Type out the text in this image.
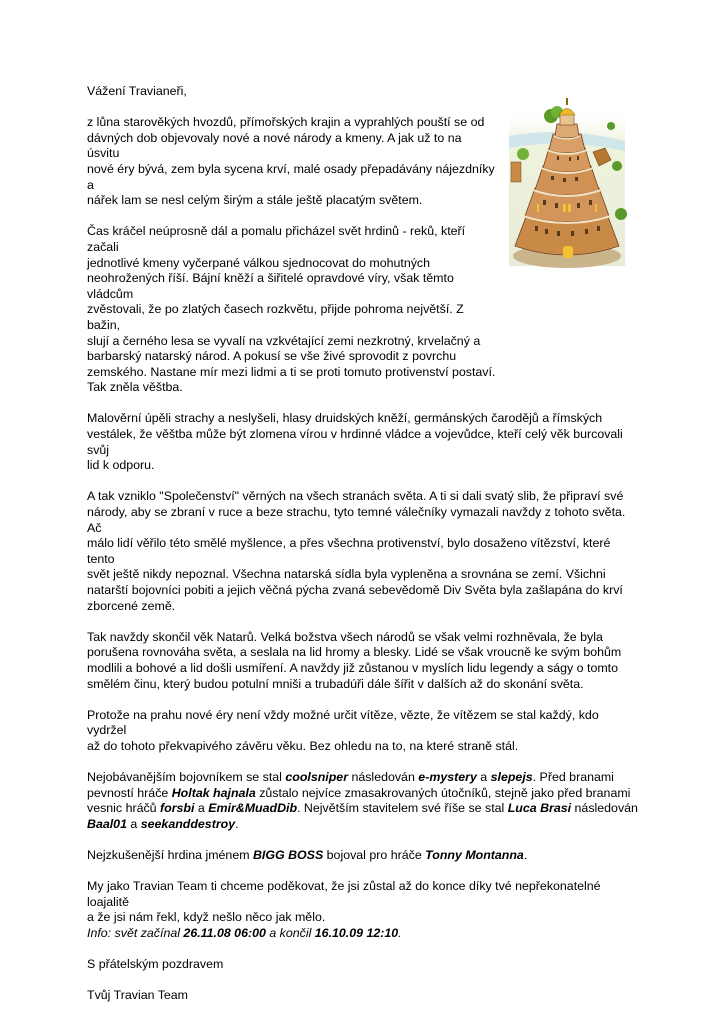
Vážení Travianeři,

z lůna starověkých hvozdů, přímořských krajin a vyprahlých pouští se od
dávných dob objevovaly nové a nové národy a kmeny. A jak už to na úsvitu
nové éry bývá, zem byla sycena krví, malé osady přepadávány nájezdníky a
nářek lam se nesl celým širým a stále ještě placatým světem.

Čas kráčel neúprosně dál a pomalu přicházel svět hrdinů - reků, kteří začali
jednotlivé kmeny vyčerpané válkou sjednocovat do mohutných
neohrožených říší. Bájní kněží a šiřitelé opravdové víry, však těmto vládcům
zvěstovali, že po zlatých časech rozkvětu, přijde pohroma největší. Z bažin,
slují a černého lesa se vyvalí na vzkvétající zemi nezkrotný, krvelačný a
barbarský natarský národ. A pokusí se vše živé sprovodit z povrchu
zemského. Nastane mír mezi lidmi a ti se proti tomuto protivenství postaví.
Tak zněla věštba.

Malověrní úpěli strachy a neslyšeli, hlasy druidských kněží, germánských čarodějů a římských
vestálek, že věštba může být zlomena vírou v hrdinné vládce a vojevůdce, kteří celý věk burcovali svůj
lid k odporu.

A tak vzniklo "Společenství" věrných na všech stranách světa. A ti si dali svatý slib, že připraví své
národy, aby se zbraní v ruce a beze strachu, tyto temné válečníky vymazali navždy z tohoto světa. Ač
málo lidí věřilo této smělé myšlence, a přes všechna protivenství, bylo dosaženo vítězství, které tento
svět ještě nikdy nepoznal. Všechna natarská sídla byla vypleněna a srovnána se zemí. Všichni
natarští bojovníci pobiti a jejich věčná pýcha zvaná sebevědomě Div Světa byla zašlapána do krví
zborcené země.

Tak navždy skončil věk Natarů. Velká božstva všech národů se však velmi rozhněvala, že byla
porušena rovnováha světa, a seslala na lid hromy a blesky. Lidé se však vroucně ke svým bohům
modlili a bohové a lid došli usmíření. A navždy již zůstanou v myslích lidu legendy a ságy o tomto
smělém činu, který budou potulní mniši a trubadúři dále šířit v dalších až do skonání světa.

Protože na prahu nové éry není vždy možné určit vítěze, vězte, že vítězem se stal každý, kdo vydržel
až do tohoto překvapivého závěru věku. Bez ohledu na to, na které straně stál.

Nejobávanějším bojovníkem se stal coolsniper následován e-mystery a slepejs. Před branami pevností hráče Holtak hajnala zůstalo nejvíce zmasakrovaných útočníků, stejně jako před branami vesnic hráčů forsbi a Emir&MuadDib. Největším stavitelem své říše se stal Luca Brasi následován Baal01 a seekanddestroy.

Nejzkušenější hrdina jménem BIGG BOSS bojoval pro hráče Tonny Montanna.

My jako Travian Team ti chceme poděkovat, že jsi zůstal až do konce díky tvé nepřekonatelné loajalitě
a že jsi nám řekl, když nešlo něco jak mělo.
Info: svět začínal 26.11.08 06:00 a končil 16.10.09 12:10.

S přátelským pozdravem

Tvůj Travian Team
